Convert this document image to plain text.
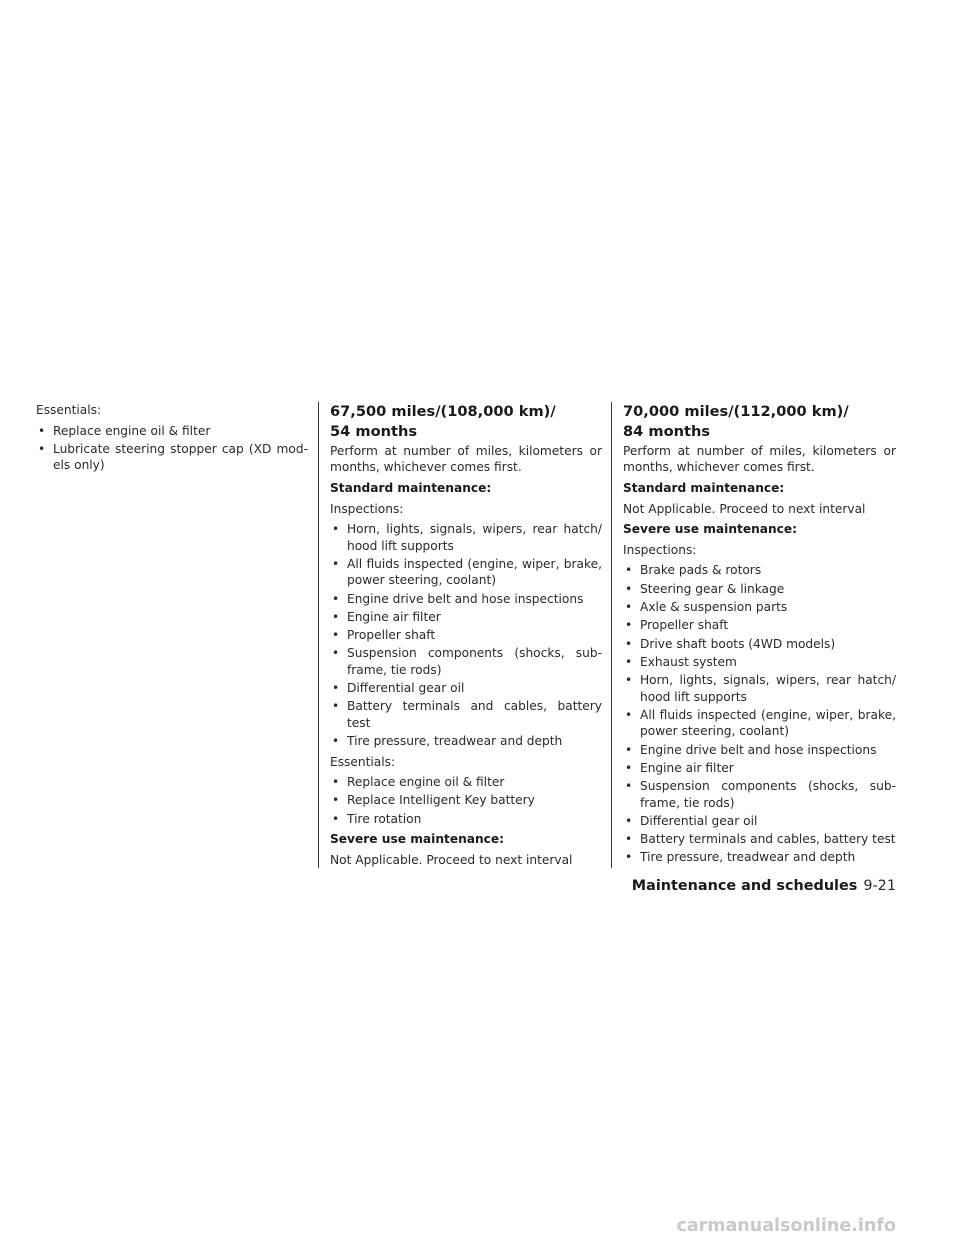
Essentials:

• Replace engine oil & filter
• Lubricate steering stopper cap (XD mod-els only)
67,500 miles/(108,000 km)/
54 months

Perform at number of miles, kilometers or months, whichever comes first.

Standard maintenance:

Inspections:

• Horn, lights, signals, wipers, rear hatch/ hood lift supports
• All fluids inspected (engine, wiper, brake, power steering, coolant)
• Engine drive belt and hose inspections
• Engine air filter
• Propeller shaft
• Suspension components (shocks, sub-frame, tie rods)
• Differential gear oil
• Battery terminals and cables, battery test
• Tire pressure, treadwear and depth

Essentials:

• Replace engine oil & filter
• Replace Intelligent Key battery
• Tire rotation

Severe use maintenance:

Not Applicable. Proceed to next interval

70,000 miles/(112,000 km)/
84 months

Perform at number of miles, kilometers or months, whichever comes first.

Standard maintenance:

Not Applicable. Proceed to next interval

Severe use maintenance:

Inspections:

• Brake pads & rotors
• Steering gear & linkage
• Axle & suspension parts
• Propeller shaft
• Drive shaft boots (4WD models)
• Exhaust system
• Horn, lights, signals, wipers, rear hatch/ hood lift supports
• All fluids inspected (engine, wiper, brake, power steering, coolant)
• Engine drive belt and hose inspections
• Engine air filter
• Suspension components (shocks, sub-frame, tie rods)
• Differential gear oil
• Battery terminals and cables, battery test
• Tire pressure, treadwear and depth
Maintenance and schedules 9-21
carmanualsonline.info
